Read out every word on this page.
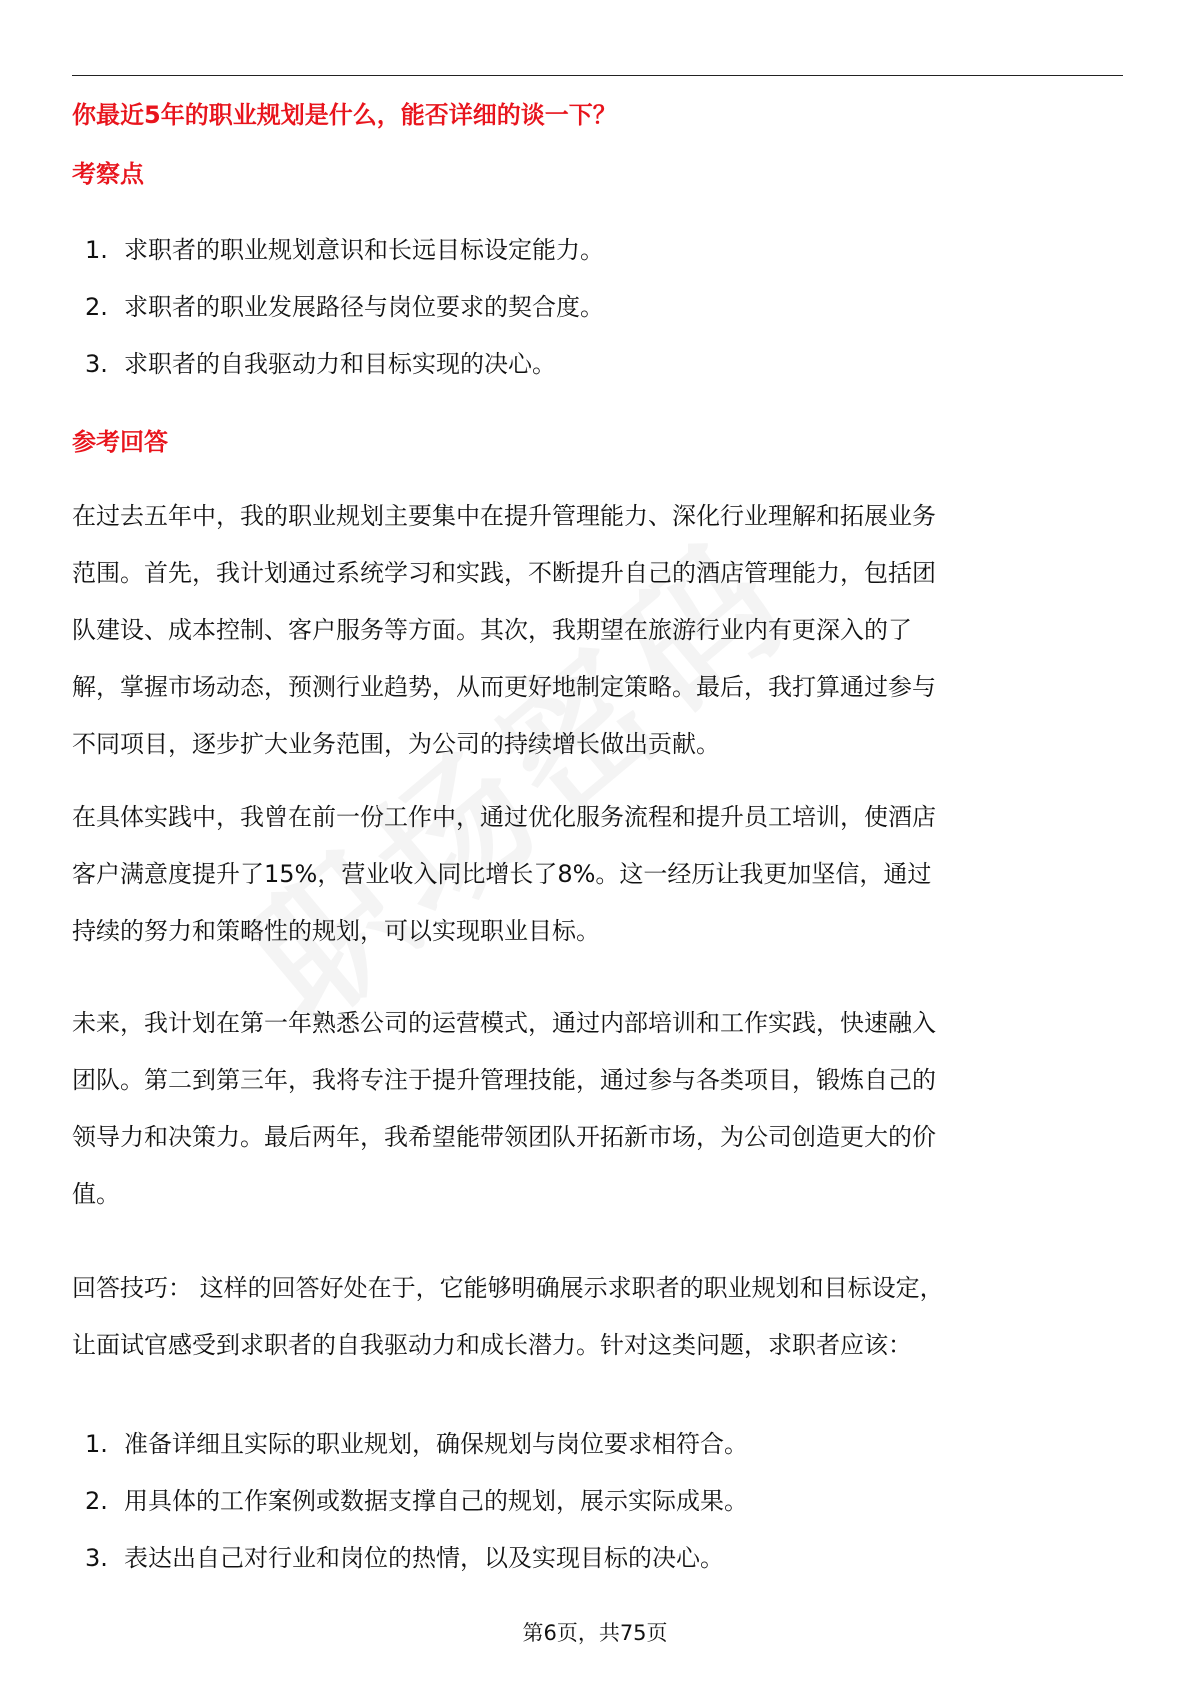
你最近5年的职业规划是什么，能否详细的谈一下？
考察点
1. 求职者的职业规划意识和长远目标设定能力。
2. 求职者的职业发展路径与岗位要求的契合度。
3. 求职者的自我驱动力和目标实现的决心。
参考回答

在过去五年中，我的职业规划主要集中在提升管理能力、深化行业理解和拓展业务
范围。首先，我计划通过系统学习和实践，不断提升自己的酒店管理能力，包括团
队建设、成本控制、客户服务等方面。其次，我期望在旅游行业内有更深入的了
解，掌握市场动态，预测行业趋势，从而更好地制定策略。最后，我打算通过参与
不同项目，逐步扩大业务范围，为公司的持续增长做出贡献。

在具体实践中，我曾在前一份工作中，通过优化服务流程和提升员工培训，使酒店
客户满意度提升了15%，营业收入同比增长了8%。这一经历让我更加坚信，通过
持续的努力和策略性的规划，可以实现职业目标。

未来，我计划在第一年熟悉公司的运营模式，通过内部培训和工作实践，快速融入
团队。第二到第三年，我将专注于提升管理技能，通过参与各类项目，锻炼自己的
领导力和决策力。最后两年，我希望能带领团队开拓新市场，为公司创造更大的价
值。

回答技巧： 这样的回答好处在于，它能够明确展示求职者的职业规划和目标设定，
让面试官感受到求职者的自我驱动力和成长潜力。针对这类问题，求职者应该：

1. 准备详细且实际的职业规划，确保规划与岗位要求相符合。
2. 用具体的工作案例或数据支撑自己的规划，展示实际成果。
3. 表达出自己对行业和岗位的热情，以及实现目标的决心。
第6页，共75页
